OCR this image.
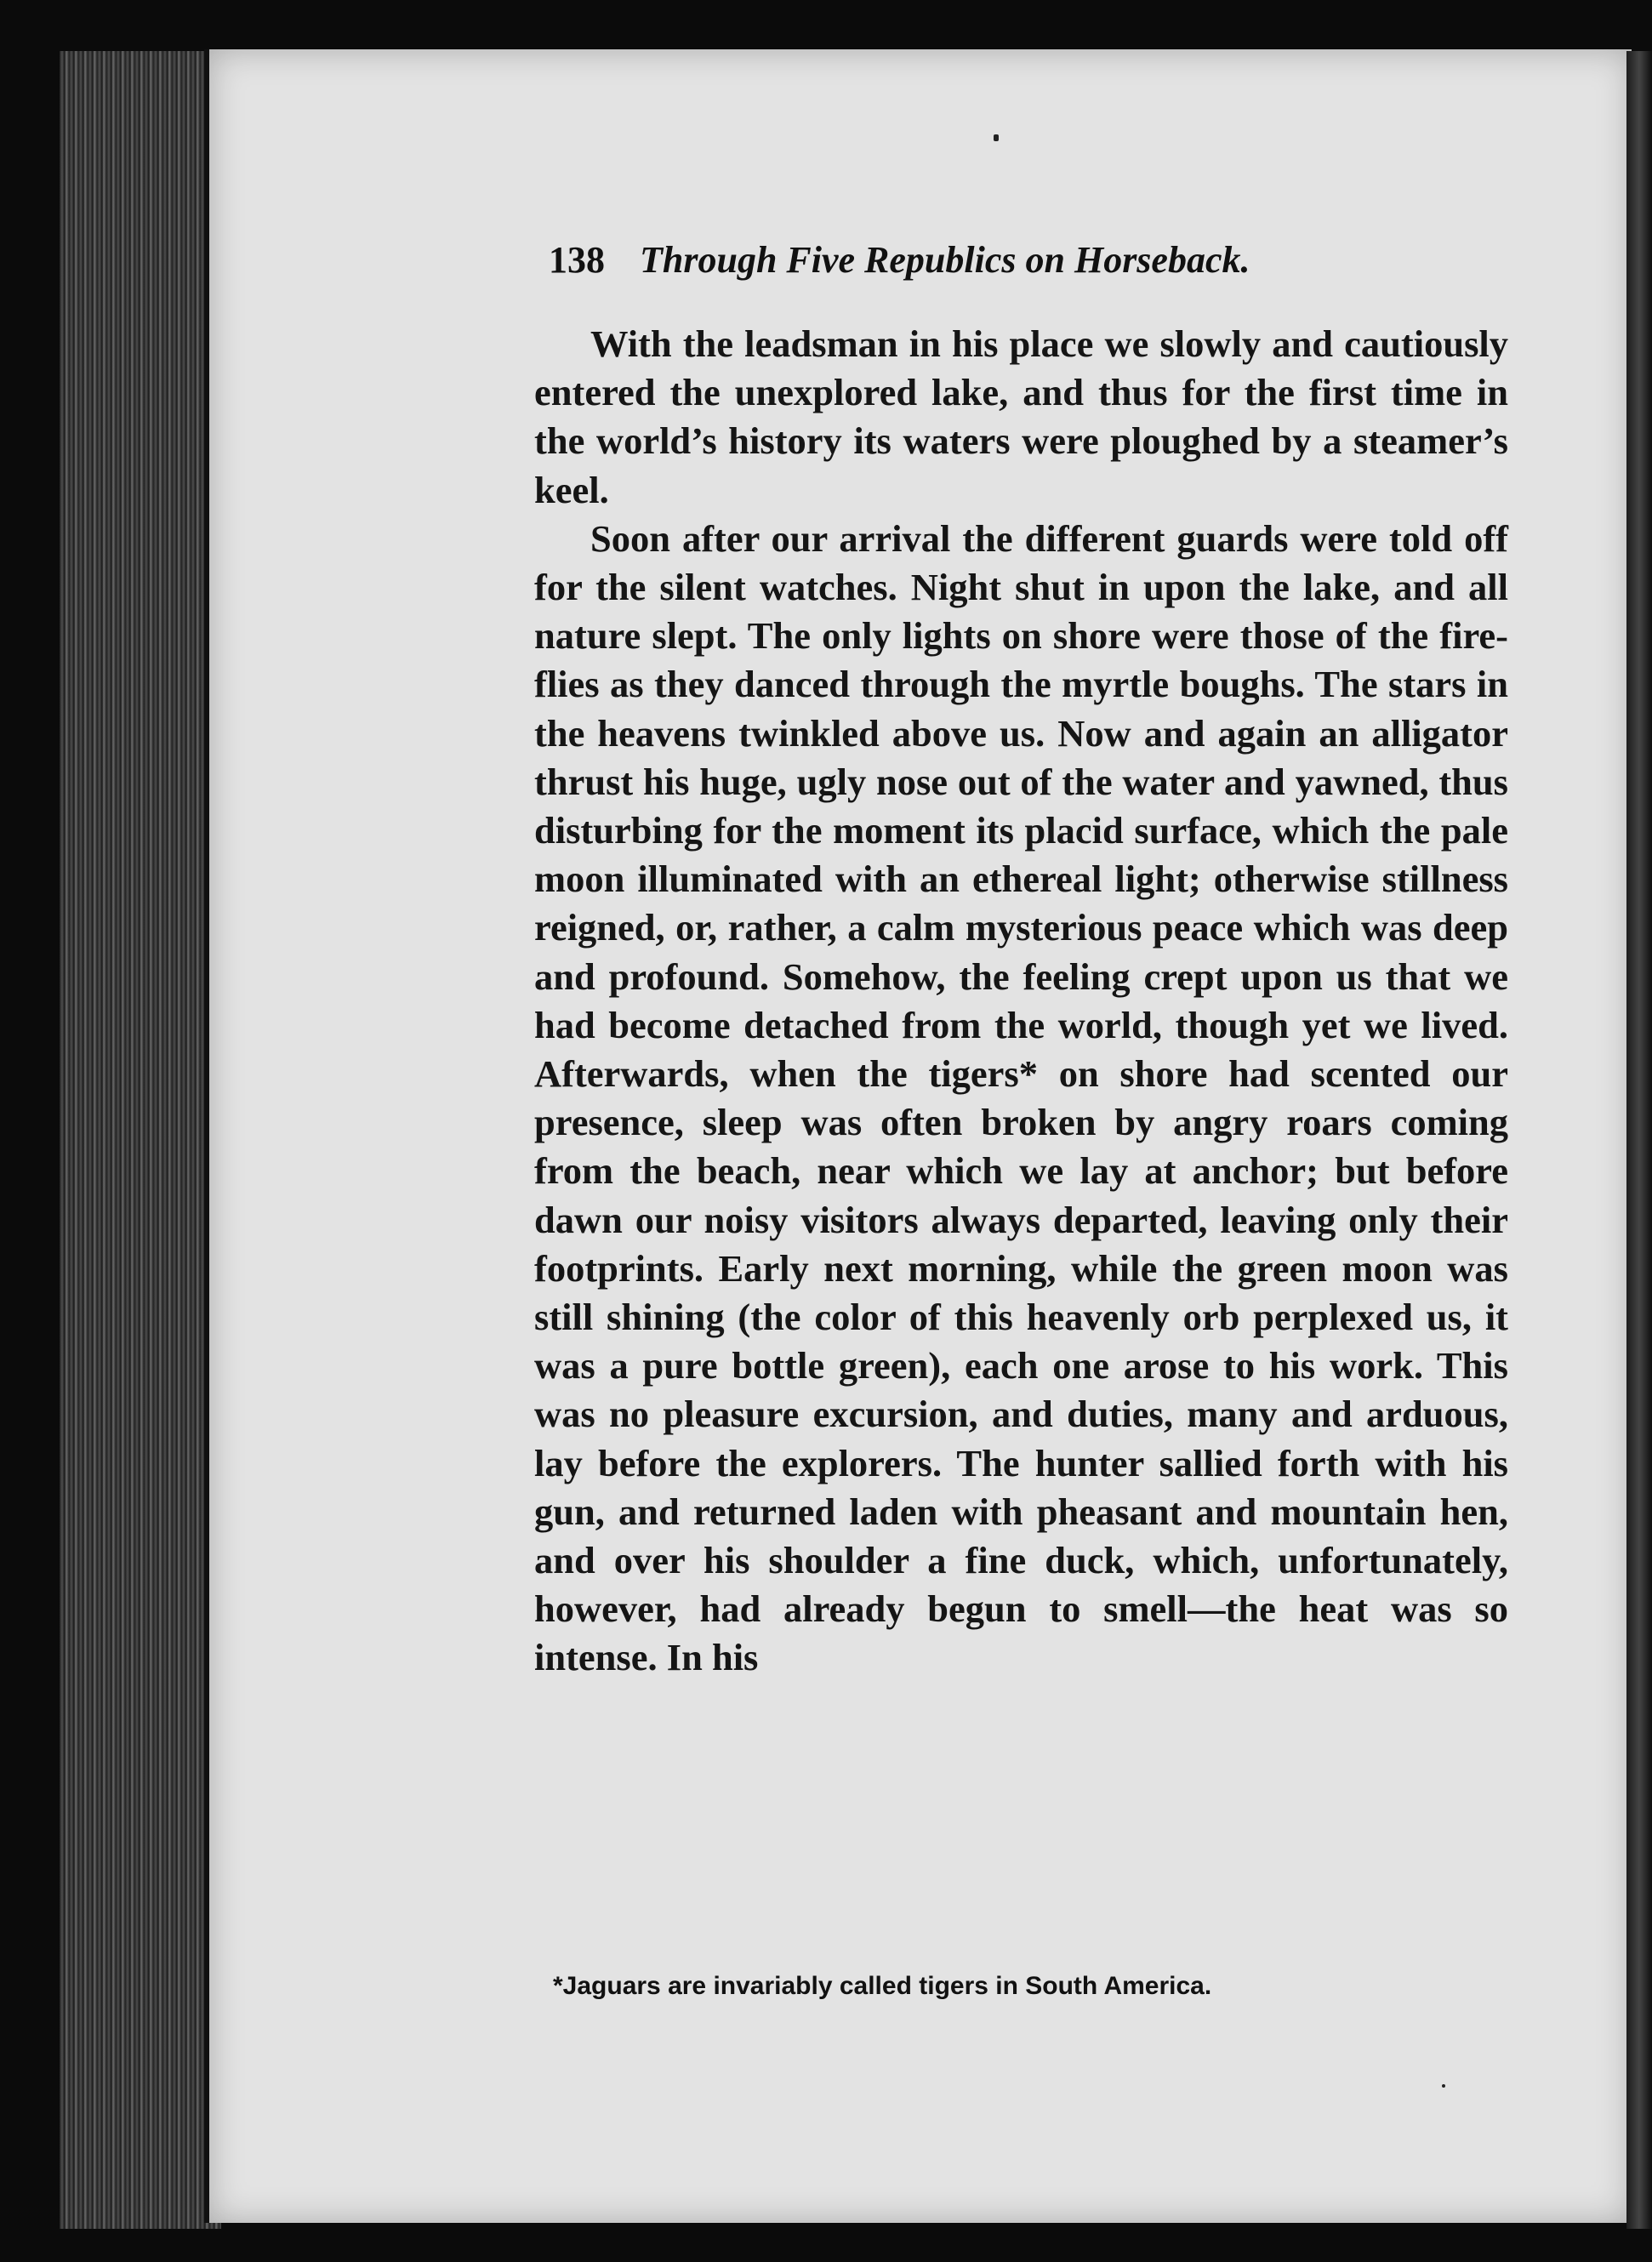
138 Through Five Republics on Horseback.

With the leadsman in his place we slowly and cautiously entered the unexplored lake, and thus for the first time in the world’s history its waters were ploughed by a steamer’s keel.

Soon after our arrival the different guards were told off for the silent watches. Night shut in upon the lake, and all nature slept. The only lights on shore were those of the fire-flies as they danced through the myrtle boughs. The stars in the heavens twinkled above us. Now and again an alligator thrust his huge, ugly nose out of the water and yawned, thus disturbing for the moment its placid surface, which the pale moon illuminated with an ethereal light; otherwise stillness reigned, or, rather, a calm mysterious peace which was deep and profound. Somehow, the feeling crept upon us that we had become detached from the world, though yet we lived. Afterwards, when the tigers* on shore had scented our presence, sleep was often broken by angry roars coming from the beach, near which we lay at anchor; but before dawn our noisy visitors always departed, leaving only their footprints. Early next morning, while the green moon was still shining (the color of this heavenly orb perplexed us, it was a pure bottle green), each one arose to his work. This was no pleasure excursion, and duties, many and arduous, lay before the explorers. The hunter sallied forth with his gun, and returned laden with pheasant and mountain hen, and over his shoulder a fine duck, which, unfortunately, however, had already begun to smell—the heat was so intense. In his

*Jaguars are invariably called tigers in South America.
